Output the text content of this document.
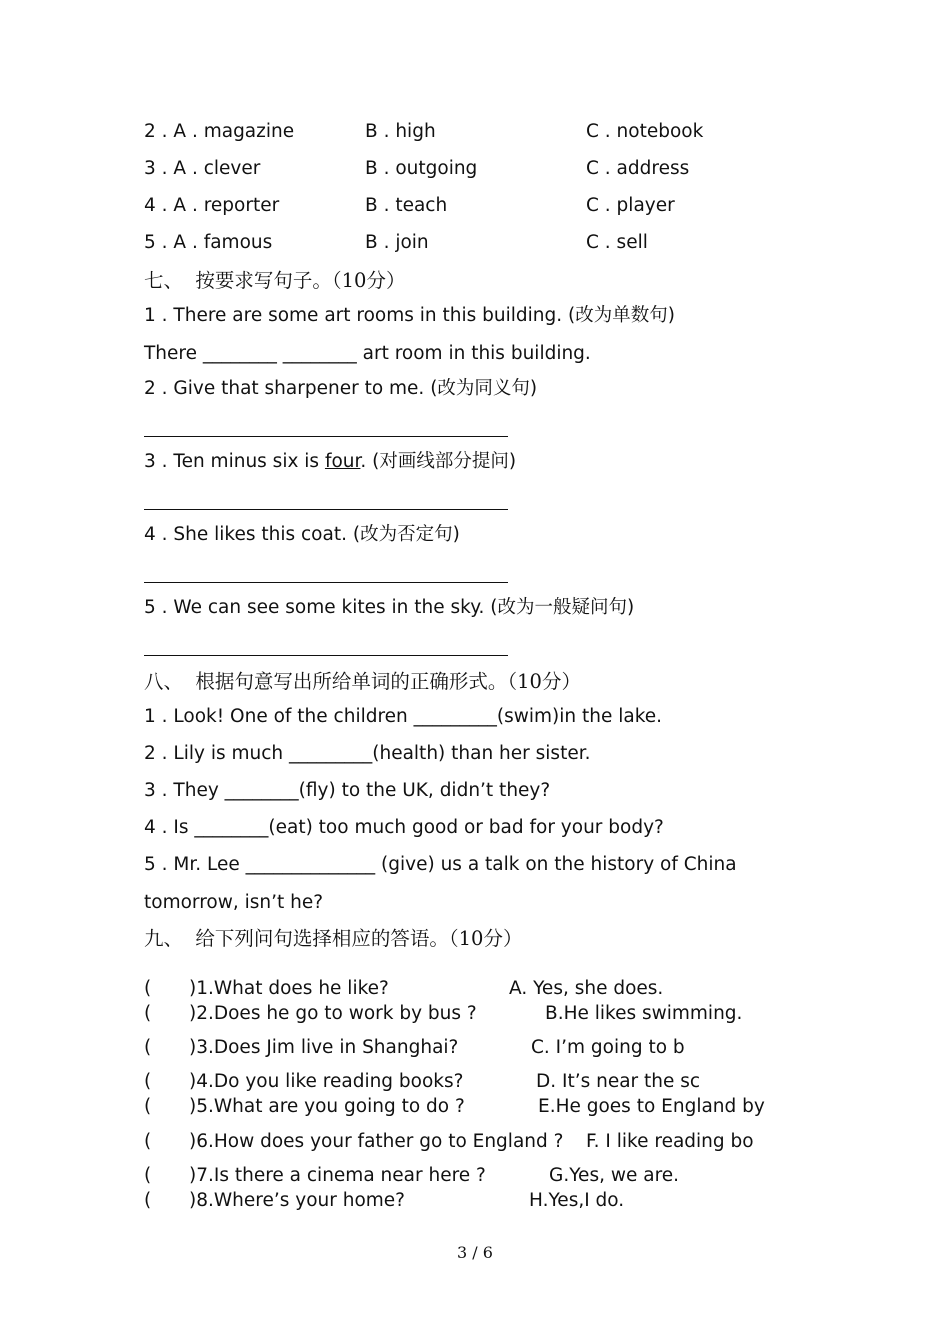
2 . A . magazine	B . high	C . notebook
3 . A . clever	B . outgoing	C . address
4 . A . reporter	B . teach	C . player
5 . A . famous	B . join	C . sell
七、  按要求写句子。（10分）
1 . There are some art rooms in this building. (改为单数句)
There ________ ________ art room in this building.
2 . Give that sharpener to me. (改为同义句)
3 . Ten minus six is four. (对画线部分提问)
4 . She likes this coat. (改为否定句)
5 . We can see some kites in the sky. (改为一般疑问句)
八、  根据句意写出所给单词的正确形式。（10分）
1 . Look! One of the children _________(swim)in the lake.
2 . Lily is much _________(health) than her sister.
3 . They ________(fly) to the UK, didn’t they?
4 . Is ________(eat) too much good or bad for your body?
5 . Mr. Lee ______________ (give) us a talk on the history of China
tomorrow, isn’t he?
九、  给下列问句选择相应的答语。（10分）
( )1.What does he like?	A. Yes, she does.
( )2.Does he go to work by bus ?	B.He likes swimming.
( )3.Does Jim live in Shanghai?	C. I’m going to b
( )4.Do you like reading books?	D. It’s near the sc
( )5.What are you going to do ?	E.He goes to England by
( )6.How does your father go to England ? F. I like reading bo
( )7.Is there a cinema near here ?	G.Yes, we are.
( )8.Where’s your home?	H.Yes,I do.
3 / 6
